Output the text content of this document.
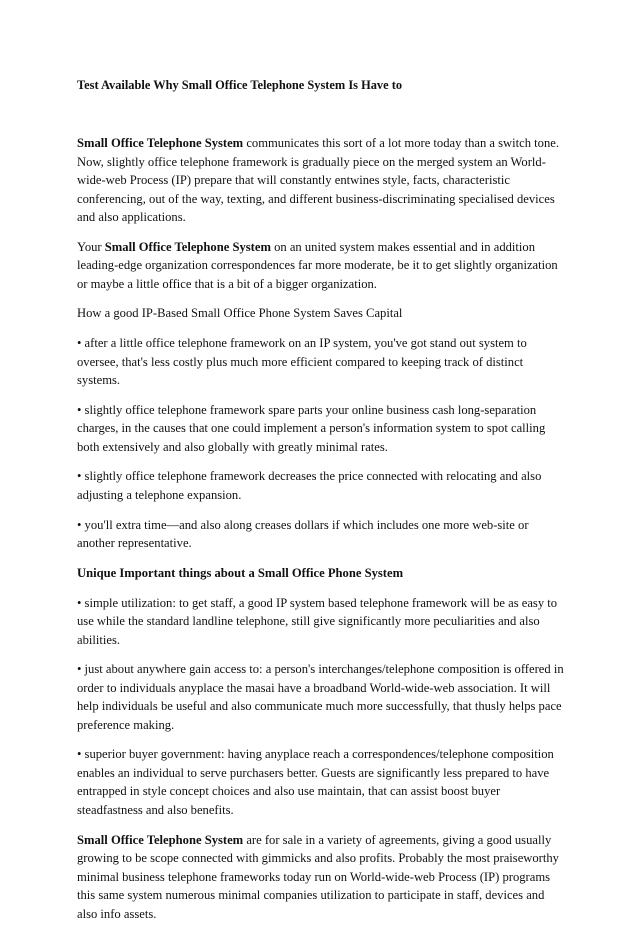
Test Available Why Small Office Telephone System Is Have to

Small Office Telephone System communicates this sort of a lot more today than a switch tone. Now, slightly office telephone framework is gradually piece on the merged system an World-wide-web Process (IP) prepare that will constantly entwines style, facts, characteristic conferencing, out of the way, texting, and different business-discriminating specialised devices and also applications.

Your Small Office Telephone System on an united system makes essential and in addition leading-edge organization correspondences far more moderate, be it to get slightly organization or maybe a little office that is a bit of a bigger organization.

How a good IP-Based Small Office Phone System Saves Capital

• after a little office telephone framework on an IP system, you've got stand out system to oversee, that's less costly plus much more efficient compared to keeping track of distinct systems.

• slightly office telephone framework spare parts your online business cash long-separation charges, in the causes that one could implement a person's information system to spot calling both extensively and also globally with greatly minimal rates.

• slightly office telephone framework decreases the price connected with relocating and also adjusting a telephone expansion.

• you'll extra time—and also along creases dollars if which includes one more web-site or another representative.

Unique Important things about a Small Office Phone System

• simple utilization: to get staff, a good IP system based telephone framework will be as easy to use while the standard landline telephone, still give significantly more peculiarities and also abilities.

• just about anywhere gain access to: a person's interchanges/telephone composition is offered in order to individuals anyplace the masai have a broadband World-wide-web association. It will help individuals be useful and also communicate much more successfully, that thusly helps pace preference making.

• superior buyer government: having anyplace reach a correspondences/telephone composition enables an individual to serve purchasers better. Guests are significantly less prepared to have entrapped in style concept choices and also use maintain, that can assist boost buyer steadfastness and also benefits.

Small Office Telephone System are for sale in a variety of agreements, giving a good usually growing to be scope connected with gimmicks and also profits. Probably the most praiseworthy minimal business telephone frameworks today run on World-wide-web Process (IP) programs this same system numerous minimal companies utilization to participate in staff, devices and also info assets.
